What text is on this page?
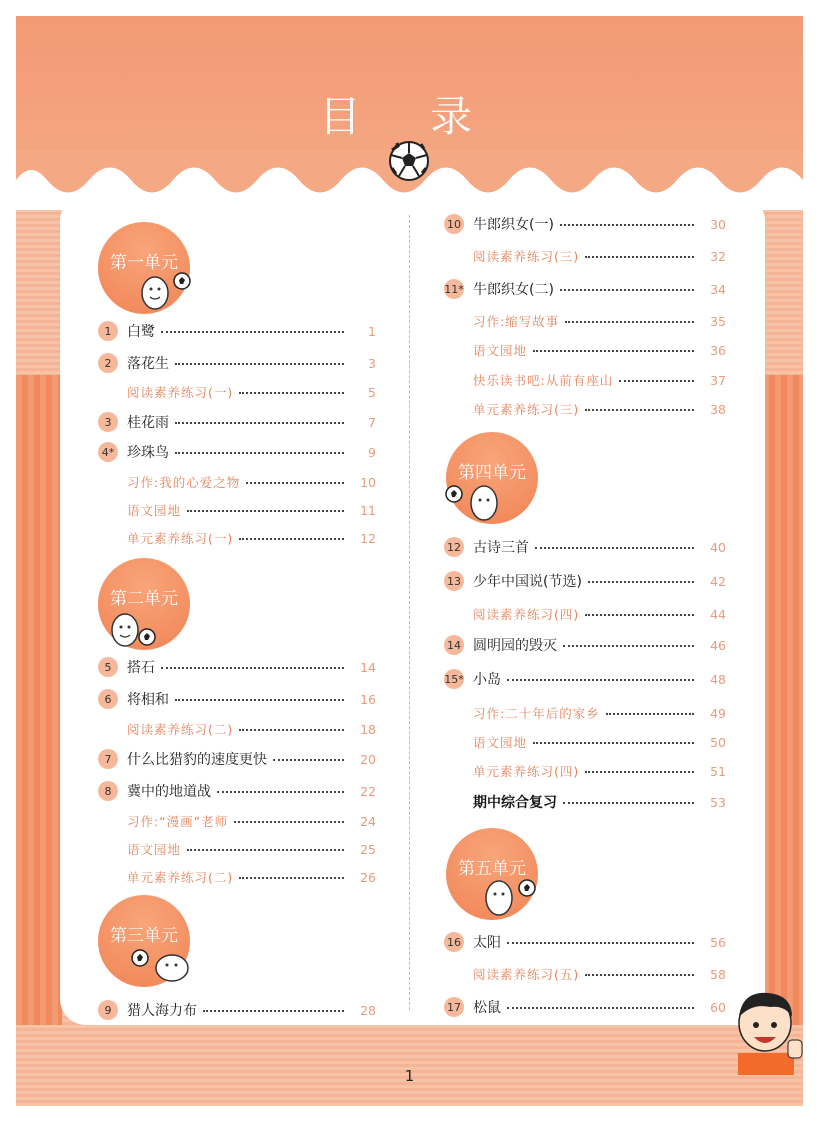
目 录
第一单元
第二单元
第三单元
第四单元
第五单元
1
1	白鹭	1
2	落花生	3
阅读素养练习(一)	5
3	桂花雨	7
4* 珍珠鸟	9
习作:我的心爱之物	10
语文园地	11
单元素养练习(一)	12
5	搭石	14
6	将相和	16
阅读素养练习(二)	18
7	什么比猎豹的速度更快	20
8	冀中的地道战	22
习作:“漫画”老师	24
语文园地	25
单元素养练习(二)	26
9	猎人海力布	28
10 牛郎织女(一)	30
阅读素养练习(三)	32
11* 牛郎织女(二)	34
习作:缩写故事	35
语文园地	36
快乐读书吧:从前有座山	37
单元素养练习(三)	38
12 古诗三首	40
13 少年中国说(节选)	42
阅读素养练习(四)	44
14 圆明园的毁灭	46
15* 小岛	48
习作:二十年后的家乡	49
语文园地	50
单元素养练习(四)	51
期中综合复习	53
16 太阳	56
阅读素养练习(五)	58
17 松鼠	60
